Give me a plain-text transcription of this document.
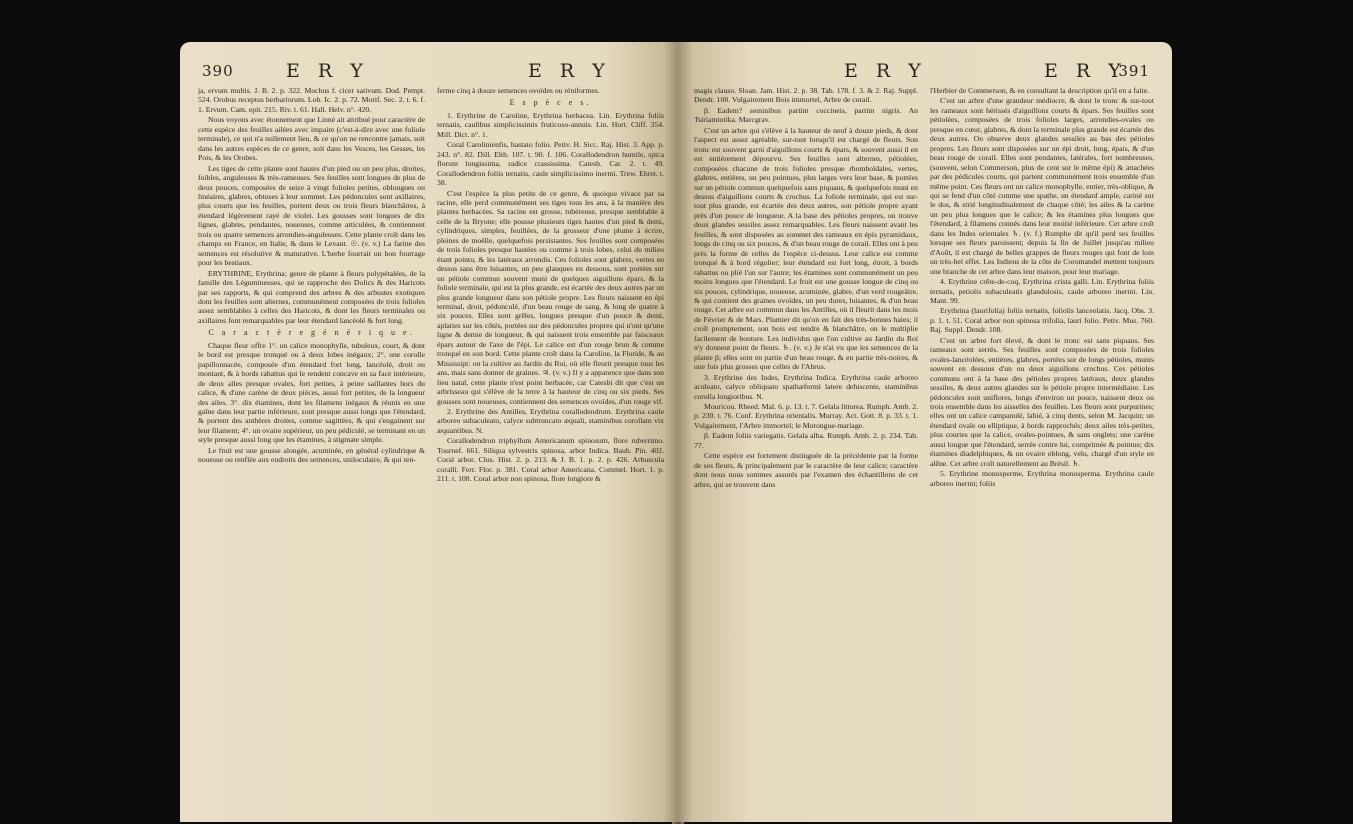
390	E R Y	E R Y

ja, ervum multis. J. B. 2. p. 322. Mochus f. cicer sativum. Dod. Pempt. 524. Orobus receptus herbariorum. Lob. Ic. 2. p. 72. Morif. Sec. 2. t. 6. f. 1. Ervum. Cam. epit. 215. Riv. t. 61. Hall. Helv. n°. 420.

Nous voyons avec étonnement que Linné ait attribué pour caractère de cette espèce des feuilles ailées avec impaire (c'est-à-dire avec une foliole terminale), ce qui n'a nullement lieu, & ce qu'on ne rencontre jamais, soit dans les autres espèces de ce genre, soit dans les Vesces, les Gesses, les Pois, & les Orobes.

Les tiges de cette plante sont hautes d'un pied ou un peu plus, droites, foibles, anguleuses & très-rameuses. Ses feuilles sont longues de plus de deux pouces, composées de seize à vingt folioles petites, oblongues ou linéaires, glabres, obtuses à leur sommet. Les pédoncules sont axillaires, plus courts que les feuilles, portent deux ou trois fleurs blanchâtres, à étendard légèrement rayé de violet. Les gousses sont longues de dix lignes, glabres, pendantes, noueuses, comme articulées, & contiennent trois ou quatre semences arrondies-anguleuses. Cette plante croît dans les champs en France, en Italie, & dans le Levant. ☉. (v. v.) La farine des semences est résolutive & maturative. L'herbe fourrait un bon fourrage pour les bestiaux.

ERYTHRINE, Erythrina; genre de plante à fleurs polypétalées, de la famille des Légumineuses, qui se rapproche des Dolics & des Haricots par ses rapports, & qui comprend des arbres & des arbustes exotiques dont les feuilles sont alternes, communément composées de trois folioles assez semblables à celles des Haricots, & dont les fleurs terminales ou axillaires font remarquables par leur étendard lancéolé & fort long.

C a r a c t è r e g é n é r i q u e.

Chaque fleur offre 1°. un calice monophylle, tubuleux, court, & dont le bord est presque tronqué ou à deux lobes inégaux; 2°. une corolle papillonnacée, composée d'un étendard fort long, lancéolé, droit ou montant, & à bords rabattus qui le rendent concave en sa face intérieure, de deux ailes presque ovales, fort petites, à peine saillantes hors du calice, & d'une carène de deux pièces, aussi fort petites, de la longueur des ailes. 3°. dix étamines, dont les filamens inégaux & réunis en une gaîne dans leur partie inférieure, sont presque aussi longs que l'étendard, & portent des anthères droites, comme sagittées, & qui s'engainent sur leur filament; 4°. un ovaire supérieur, un peu pédiculé, se terminant en un style presque aussi long que les étamines, à stigmate simple.

Le fruit est une gousse alongée, acuminée, en général cylindrique & noueuse ou renflée aux endroits des semences, uniloculaire, & qui ren-

ferme cinq à douze semences ovoïdes ou réniformes.

E s p è c e s.

1. Erythrine de Caroline, Erythrina herbacea. Lin. Erythrina foliis ternatis, caulibus simplicissimis fruticoso-annuis. Lin. Hort. Cliff. 354. Mill. Dict. n°. 1.

Coral Carolinienfis, hastato folio. Petiv. H. Sicc. Raj. Hist. 3. App. p. 243. n°. 82. Dill. Elth. 107. t. 90. f. 106. Corallodendron humile, spica florum longissima, radice crassissima. Catesb. Car. 2. t. 49. Corallodendron foliis ternatis, caule simplicissimo inermi. Trew. Ehret. t. 38.

C'est l'espèce la plus petite de ce genre, & quoique vivace par sa racine, elle perd communément ses tiges tous les ans, à la manière des plantes herbacées. Sa racine est grosse, tubéreuse, presque semblable à celle de la Bryone; elle pousse plusieurs tiges hautes d'un pied & demi, cylindriques, simples, feuillées, de la grosseur d'une plume à écrire, pleines de moëlle, quelquefois persistantes. Ses feuilles sont composées de trois folioles presque hastées ou comme à trois lobes, celui du milieu étant pointu, & les latéraux arrondis. Ces folioles sont glabres, vertes en dessus sans être luisantes, un peu glauques en dessous, sont portées sur un pétiole commun souvent muni de quelques aiguillons épars, & la foliole terminale, qui est la plus grande, est écartée des deux autres par un plus grande longueur dans son pétiole propre. Les fleurs naissent en épi terminal, droit, pédonculé, d'un beau rouge de sang, & long de quatre à six pouces. Elles sont grêles, longues presque d'un pouce & demi, aplaties sur les côtés, portées sur des pédoncules propres qui n'ont qu'une ligne & demie de longueur, & qui naissent trois ensemble par faisceaux épars autour de l'axe de l'épi. Le calice est d'un rouge brun & comme tronqué en son bord. Cette plante croît dans la Caroline, la Floride, & au Mississipi: on la cultive au Jardin du Roi, où elle fleurit presque tous les ans, mais sans donner de graines. ♃. (v. v.) Il y a apparence que dans son lieu natal, cette plante n'est point herbacée, car Catesbi dit que c'est un arbrisseau qui s'élève de la terre à la hauteur de cinq ou six pieds. Ses gousses sont noueuses, contiennent des semences ovoïdes, d'un rouge vif.

2. Erythrine des Antilles, Erythrina corallodendrum. Erythrina caule arboreo subaculeato, calyce subtruncato æquali, staminibus corollam vix æquantibus. N.

Corallodendron triphyllum Americanum spinosum, flore ruberrimo. Tournef. 661. Siliqua sylvestris spinosa, arbor Indica. Bauh. Pin. 402. Coral arbor. Clus. Hist. 2. p. 213. & J. B. 1. p. 2. p. 426. Arbuscula coralli. Ferr. Flor. p. 381. Coral arbor Americana. Commel. Hort. 1. p. 211. t. 108. Coral arbor non spinosa, flore longiore &

E R Y	E R Y
391

magis clauso. Sloan. Jam. Hist. 2. p. 38. Tab. 178. f. 3. & 2. Raj. Suppl. Dendr. 108. Vulgairement Bois immortel, Arbre de corail.

β. Eadem? seminibus partim coccineis, partim nigris. An Tsiriamtotika. Marcgrav.

C'est un arbre qui s'élève à la hauteur de neuf à douze pieds, & dont l'aspect est assez agréable, sur-tout lorsqu'il est chargé de fleurs. Son tronc est souvent garni d'aiguillons courts & épars, & souvent aussi il en est entièrement dépourvu. Ses feuilles sont alternes, pétiolées, composées chacune de trois folioles presque rhomboïdales, vertes, glabres, entières, un peu pointues, plus larges vers leur base, & portées sur un pétiole commun quelquefois sans piquans, & quelquefois muni en dessus d'aiguillons courts & crochus. La foliole terminale, qui est sur-tout plus grande, est écartée des deux autres, son pétiole propre ayant près d'un pouce de longueur. A la base des pétioles propres, on trouve deux glandes sessiles assez remarquables. Les fleurs naissent avant les feuilles, & sont disposées au sommet des rameaux en épis pyramidaux, longs de cinq ou six pouces, & d'un beau rouge de corail. Elles ont à peu près la forme de celles de l'espèce ci-dessus. Leur calice est comme tronqué & à bord régulier; leur étendard est fort long, étroit, à bords rabattus ou plié l'un sur l'autre; les étamines sont communément un peu moins longues que l'étendard. Le fruit est une gousse longue de cinq ou six pouces, cylindrique, noueuse, acuminée, glabre, d'un verd rougeâtre, & qui contient des graines ovoïdes, un peu dures, luisantes, & d'un beau rouge. Cet arbre est commun dans les Antilles, où il fleurit dans les mois de Février & de Mars. Plumier dit qu'on en fait des très-bonnes haies; il croît promptement, son bois est tendre & blanchâtre, on le multiplie facilement de bouture. Les individus que l'on cultive au Jardin du Roi n'y donnent point de fleurs. ♄. (v. v.) Je n'ai vu que les semences de la plante β; elles sont en partie d'un beau rouge, & en partie très-noires, & une fois plus grosses que celles de l'Abrus.

3. Erythrine des Indes, Erythrina Indica. Erythrina caule arboreo aculeato, calyce obliquato spathæformi latere dehiscente, staminibus corolla longioribus. N.

Mouricou. Rheed. Mal. 6. p. 13. t. 7. Gelala littorea. Rumph. Amb. 2. p. 230. t. 76. Conf. Erythrina orientalis. Murray. Act. Gott. 8. p. 33. t. 1. Vulgairement, l'Arbre immortel; le Morongue-mariage.

β. Eadem foliis variegatis. Gelala alba. Rumph. Amb. 2. p. 234. Tab. 77.

Cette espèce est fortement distinguée de la précédente par la forme de ses fleurs, & principalement par le caractère de leur calice; caractère dont nous nous sommes assurés par l'examen des échantillons de cet arbre, qui se trouvent dans

l'Herbier de Commerson, & en consultant la description qu'il en a faite.

C'est un arbre d'une grandeur médiocre, & dont le tronc & sur-tout les rameaux sont hérissés d'aiguillons courts & épars. Ses feuilles sont pétiolées, composées de trois folioles larges, arrondies-ovales ou presque en cœur, glabres, & dont la terminale plus grande est écartée des deux autres. On observe deux glandes sessiles au bas des pétioles propres. Les fleurs sont disposées sur un épi droit, long, épais, & d'un beau rouge de corail. Elles sont pendantes, latérales, fort nombreuses, (souvent, selon Commerson, plus de cent sur le même épi) & attachées par des pédicules courts, qui partent communément trois ensemble d'un même point. Ces fleurs ont un calice monophylle, entier, très-oblique, & qui se fend d'un côté comme une spathe, un étendard ample, cariné sur le dos, & strié longitudinalement de chaque côté; les ailes & la carène un peu plus longues que le calice; & les étamines plus longues que l'étendard, à filamens connés dans leur moitié inférieure. Cet arbre croît dans les Indes orientales ♄. (v. f.) Rumphe dit qu'il perd ses feuilles lorsque ses fleurs paroissent; depuis la fin de Juillet jusqu'au milieu d'Août, il est chargé de belles grappes de fleurs rouges qui font de loin un très-bel effet. Les Indiens de la côte de Coromandel mettent toujours une branche de cet arbre dans leur maison, pour leur mariage.

4. Erythrine crête-de-coq, Erythrina crista galli. Lin. Erythrina foliis ternatis, petiolis subaculeatis glandulosis, caule arboreo inermi. Lin. Mant. 99.

Erythrina (laurifolia) foliis ternatis, foliolis lanceolatis. Jacq. Obs. 3. p. 1. t. 51. Coral arbor non spinosa trifolia, lauri folio. Petiv. Mus. 760. Raj. Suppl. Dendr. 108.

C'est un arbre fort élevé, & dont le tronc est sans piquans. Ses rameaux sont serrés. Ses feuilles sont composées de trois folioles ovales-lancéolées, entières, glabres, portées sur de longs pétioles, munis souvent en dessous d'un ou deux aiguillons crochus. Ces pétioles communs ont à la base des pétioles propres latéraux, deux glandes sessiles, & deux autres glandes sur le pétiole propre intermédiaire. Les pédoncules sont uniflores, longs d'environ un pouce, naissent deux ou trois ensemble dans les aisselles des feuilles. Les fleurs sont purpurines; elles ont un calice campanulé, labié, à cinq dents, selon M. Jacquin; un étendard ovale ou elliptique, à bords rapprochés; deux ailes très-petites, plus courtes que la calice, ovales-pointues, & sans onglets; une carène aussi longue que l'étendard, serrée contre lui, comprimée & pointue; dix étamines diadelphiques, & un ovaire oblong, velu, chargé d'un style en alêne. Cet arbre croît naturellement au Brésil. ♄.

5. Erythrine monosperme, Erythrina monosperma. Erythrina caule arboreo inermi; foliis
